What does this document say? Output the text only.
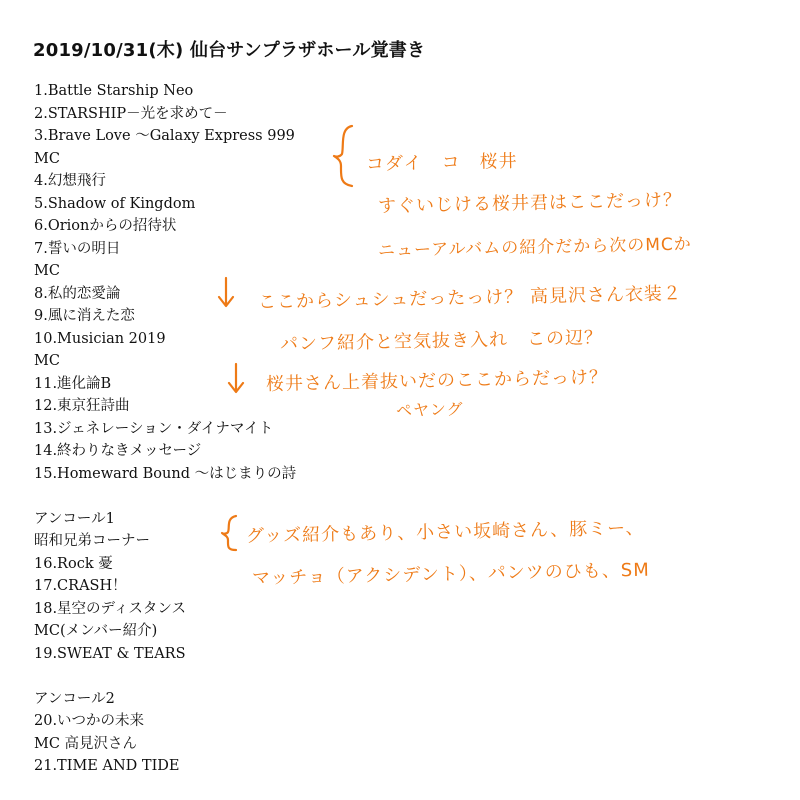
2019/10/31(木) 仙台サンプラザホール覚書き
1.Battle Starship Neo
2.STARSHIP－光を求めて－
3.Brave Love ～Galaxy Express 999
MC
4.幻想飛行
5.Shadow of Kingdom
6.Orionからの招待状
7.誓いの明日
MC
8.私的恋愛論
9.風に消えた恋
10.Musician 2019
MC
11.進化論B
12.東京狂詩曲
13.ジェネレーション・ダイナマイト
14.終わりなきメッセージ
15.Homeward Bound ～はじまりの詩
アンコール1
昭和兄弟コーナー
16.Rock 憂
17.CRASH！
18.星空のディスタンス
MC(メンバー紹介)
19.SWEAT & TEARS
アンコール2
20.いつかの未来
MC 高見沢さん
21.TIME AND TIDE
コダイ　コ　桜井
すぐいじける桜井君はここだっけ？
ニューアルバムの紹介だから次のMCか
ここからシュシュだったっけ？ 高見沢さん衣装２
パンフ紹介と空気抜き入れ　この辺？
桜井さん上着抜いだのここからだっけ？
ペヤング
グッズ紹介もあり、小さい坂崎さん、豚ミー、
マッチョ（アクシデント）、パンツのひも、SM
